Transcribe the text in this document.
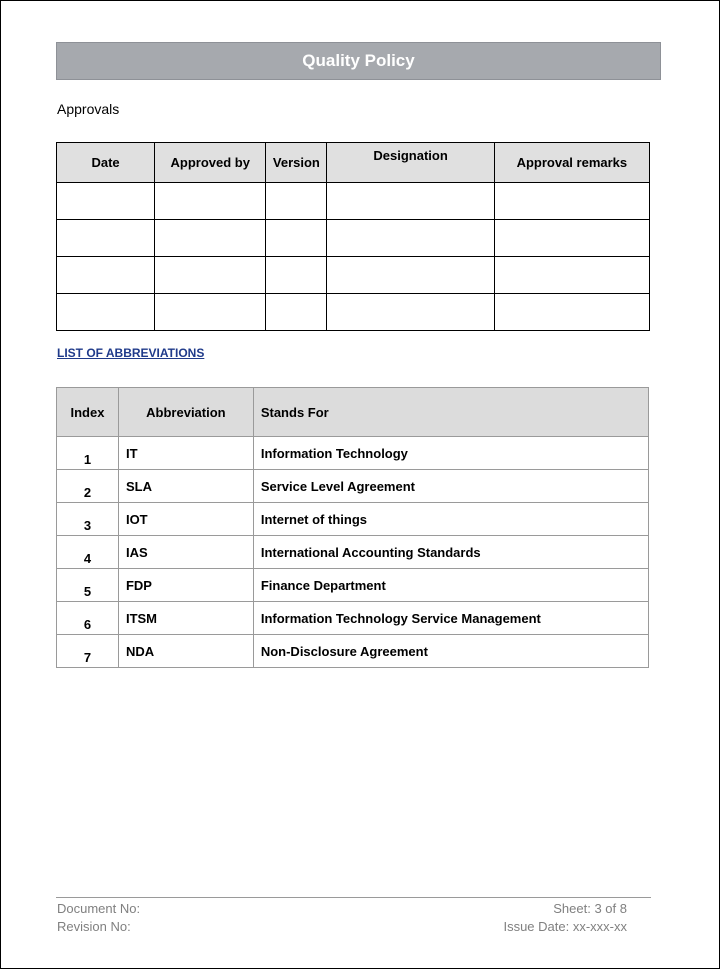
Quality Policy
Approvals
Date	Approved by	Version	Designation	Approval remarks

LIST OF ABBREVIATIONS
Index	Abbreviation	Stands For
1	IT	Information Technology
2	SLA	Service Level Agreement
3	IOT	Internet of things
4	IAS	International Accounting Standards
5	FDP	Finance Department
6	ITSM	Information Technology Service Management
7	NDA	Non-Disclosure Agreement
Document No:
Revision No:
Sheet: 3 of 8
Issue Date: xx-xxx-xx
